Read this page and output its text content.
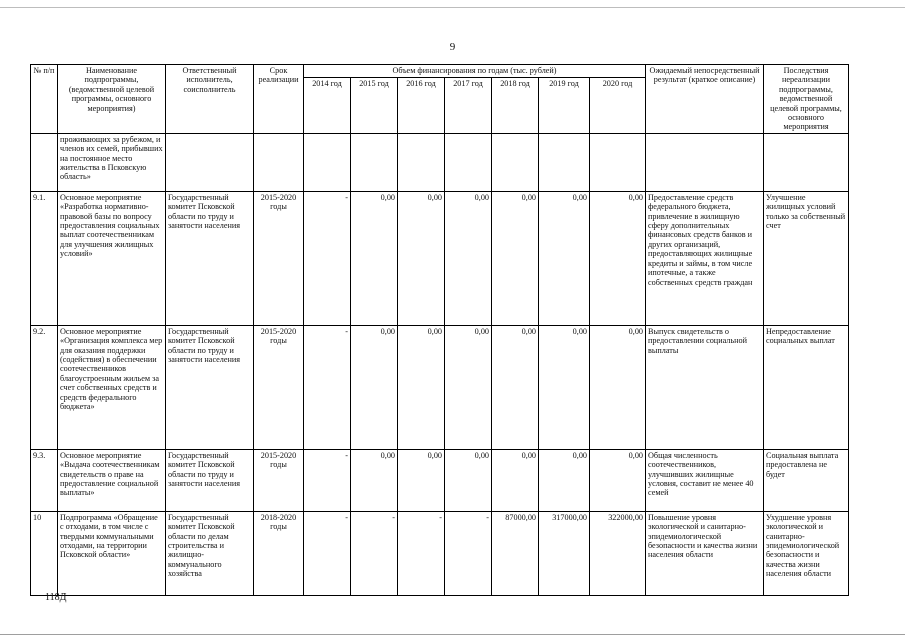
9
№ п/п	Наименование подпрограммы, (ведомственной целевой программы, основного мероприятия)	Ответственный исполнитель, соисполнитель	Срок реализации	Объем финансирования по годам (тыс. рублей)							Ожидаемый непосредственный результат (краткое описание)	Последствия нереализации подпрограммы, ведомственной целевой программы, основного мероприятия
				2014 год	2015 год	2016 год	2017 год	2018 год	2019 год	2020 год		
	проживающих за рубежом, и членов их семей, прибывших на постоянное место жительства в Псковскую область»											
9.1.	Основное мероприятие «Разработка нормативно-правовой базы по вопросу предоставления социальных выплат соотечественникам для улучшения жилищных условий»	Государственный комитет Псковской области по труду и занятости населения	2015-2020 годы	-	0,00	0,00	0,00	0,00	0,00	0,00	Предоставление средств федерального бюджета, привлечение в жилищную сферу дополнительных финансовых средств банков и других организаций, предоставляющих жилищные кредиты и займы, в том числе ипотечные, а также собственных средств граждан	Улучшение жилищных условий только за собственный счет
9.2.	Основное мероприятие «Организация комплекса мер для оказания поддержки (содействия) в обеспечении соотечественников благоустроенным жильем за счет собственных средств и средств федерального бюджета»	Государственный комитет Псковской области по труду и занятости населения	2015-2020 годы	-	0,00	0,00	0,00	0,00	0,00	0,00	Выпуск свидетельств о предоставлении социальной выплаты	Непредоставление социальных выплат
9.3.	Основное мероприятие «Выдача соотечественникам свидетельств о праве на предоставление социальной выплаты»	Государственный комитет Псковской области по труду и занятости населения	2015-2020 годы	-	0,00	0,00	0,00	0,00	0,00	0,00	Общая численность соотечественников, улучшивших жилищные условия, составит не менее 40 семей	Социальная выплата предоставлена не будет
10	Подпрограмма «Обращение с отходами, в том числе с твердыми коммунальными отходами, на территории Псковской области»	Государственный комитет Псковской области по делам строительства и жилищно-коммунального хозяйства	2018-2020 годы	-	-	-	-	87000,00	317000,00	322000,00	Повышение уровня экологической и санитарно-эпидемиологической безопасности и качества жизни населения области	Ухудшение уровня экологической и санитарно-эпидемиологической безопасности и качества жизни населения области
118Д
